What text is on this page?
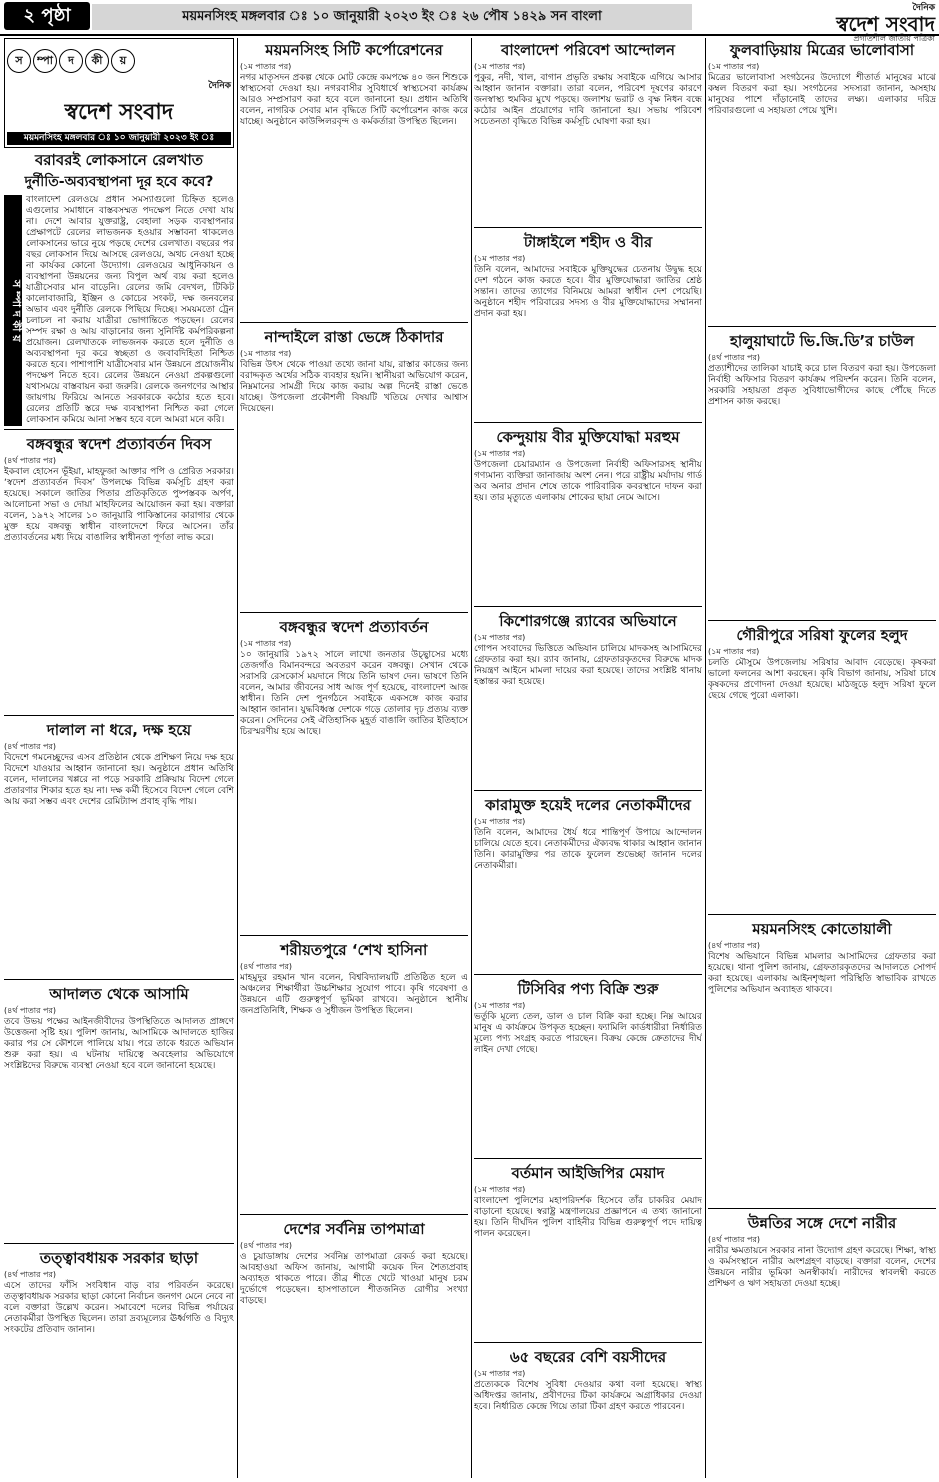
২ পৃষ্ঠা	ময়মনসিংহ মঙ্গলবার ঃ ১০ জানুয়ারী ২০২৩ ইং ঃ ২৬ পৌষ ১৪২৯ সন বাংলা
দৈনিক
স্বদেশ সংবাদ
প্রগতিশীল জাতীয় পত্রিকা
স	ম্পা	দ	কী	য়
দৈনিক
স্বদেশ সংবাদ
ময়মনসিংহ মঙ্গলবার ঃ ১০ জানুয়ারী ২০২৩ ইং ঃ
বরাবরই লোকসানে রেলখাত
দুর্নীতি-অব্যবস্থাপনা দূর হবে কবে?
স ম্পা দ কী য়

বাংলাদেশ রেলওয়ে প্রধান সমস্যাগুলো চিহ্নিত হলেও এগুলোর সমাধানে বাস্তবসম্মত পদক্ষেপ নিতে দেখা যায় না। দেশে আবার যুক্তরাষ্ট্র, বেহালা সড়ক ব্যবস্থাপনার প্রেক্ষাপটে রেলের লাভজনক হওয়ার সম্ভাবনা থাকলেও লোকসানের ভারে নুয়ে পড়ছে দেশের রেলখাত। বছরের পর বছর লোকসান দিয়ে আসছে রেলওয়ে, অথচ নেওয়া হচ্ছে না কার্যকর কোনো উদ্যোগ। রেলওয়ের আধুনিকায়ন ও ব্যবস্থাপনা উন্নয়নের জন্য বিপুল অর্থ ব্যয় করা হলেও যাত্রীসেবার মান বাড়েনি। রেলের জমি বেদখল, টিকিট কালোবাজারি, ইঞ্জিন ও কোচের সংকট, দক্ষ জনবলের অভাব এবং দুর্নীতি রেলকে পিছিয়ে দিচ্ছে। সময়মতো ট্রেন চলাচল না করায় যাত্রীরা ভোগান্তিতে পড়ছেন। রেলের সম্পদ রক্ষা ও আয় বাড়ানোর জন্য সুনির্দিষ্ট কর্মপরিকল্পনা প্রয়োজন। রেলখাতকে লাভজনক করতে হলে দুর্নীতি ও অব্যবস্থাপনা দূর করে স্বচ্ছতা ও জবাবদিহিতা নিশ্চিত করতে হবে। পাশাপাশি যাত্রীসেবার মান উন্নয়নে প্রয়োজনীয় পদক্ষেপ নিতে হবে। রেলের উন্নয়নে নেওয়া প্রকল্পগুলো যথাসময়ে বাস্তবায়ন করা জরুরি। রেলকে জনগণের আস্থার জায়গায় ফিরিয়ে আনতে সরকারকে কঠোর হতে হবে। রেলের প্রতিটি স্তরে দক্ষ ব্যবস্থাপনা নিশ্চিত করা গেলে লোকসান কমিয়ে আনা সম্ভব হবে বলে আমরা মনে করি।

বঙ্গবন্ধুর স্বদেশ প্রত্যাবর্তন দিবস
(৪র্থ পাতার পর)

ইকবাল হোসেন ভূঁইয়া, মাহফুজা আক্তার পপি ও প্রেরিত সরকার। ‘স্বদেশ প্রত্যাবর্তন দিবস’ উপলক্ষে বিভিন্ন কর্মসূচি গ্রহণ করা হয়েছে। সকালে জাতির পিতার প্রতিকৃতিতে পুষ্পস্তবক অর্পণ, আলোচনা সভা ও দোয়া মাহফিলের আয়োজন করা হয়। বক্তারা বলেন, ১৯৭২ সালের ১০ জানুয়ারি পাকিস্তানের কারাগার থেকে মুক্ত হয়ে বঙ্গবন্ধু স্বাধীন বাংলাদেশে ফিরে আসেন। তাঁর প্রত্যাবর্তনের মধ্য দিয়ে বাঙালির স্বাধীনতা পূর্ণতা লাভ করে।

দালাল না ধরে, দক্ষ হয়ে
(৪র্থ পাতার পর)

বিদেশে গমনেচ্ছুদের এসব প্রতিষ্ঠান থেকে প্রশিক্ষণ নিয়ে দক্ষ হয়ে বিদেশে যাওয়ার আহ্বান জানানো হয়। অনুষ্ঠানে প্রধান অতিথি বলেন, দালালের খপ্পরে না পড়ে সরকারি প্রক্রিয়ায় বিদেশ গেলে প্রতারণার শিকার হতে হয় না। দক্ষ কর্মী হিসেবে বিদেশ গেলে বেশি আয় করা সম্ভব এবং দেশের রেমিট্যান্স প্রবাহ বৃদ্ধি পায়।

আদালত থেকে আসামি
(৪র্থ পাতার পর)

তবে উভয় পক্ষের আইনজীবীদের উপস্থিতিতে আদালত প্রাঙ্গণে উত্তেজনা সৃষ্টি হয়। পুলিশ জানায়, আসামিকে আদালতে হাজির করার পর সে কৌশলে পালিয়ে যায়। পরে তাকে ধরতে অভিযান শুরু করা হয়। এ ঘটনায় দায়িত্বে অবহেলার অভিযোগে সংশ্লিষ্টদের বিরুদ্ধে ব্যবস্থা নেওয়া হবে বলে জানানো হয়েছে।

তত্ত্বাবধায়ক সরকার ছাড়া
(৪র্থ পাতার পর)

এসে তাদের ফাঁসি সংবিধান বাড় বার পরিবর্তন করেছে। তত্ত্বাবধায়ক সরকার ছাড়া কোনো নির্বাচন জনগণ মেনে নেবে না বলে বক্তারা উল্লেখ করেন। সমাবেশে দলের বিভিন্ন পর্যায়ের নেতাকর্মীরা উপস্থিত ছিলেন। তারা দ্রব্যমূল্যের ঊর্ধ্বগতি ও বিদ্যুৎ সংকটের প্রতিবাদ জানান।

ময়মনসিংহ সিটি কর্পোরেশনের
(১ম পাতার পর)

নগর মাতৃসদন প্রকল্প থেকে মোট কেন্দ্রে কমপক্ষে ৪০ জন শিশুকে স্বাস্থ্যসেবা দেওয়া হয়। নগরবাসীর সুবিধার্থে স্বাস্থ্যসেবা কার্যক্রম আরও সম্প্রসারণ করা হবে বলে জানানো হয়। প্রধান অতিথি বলেন, নাগরিক সেবার মান বৃদ্ধিতে সিটি কর্পোরেশন কাজ করে যাচ্ছে। অনুষ্ঠানে কাউন্সিলরবৃন্দ ও কর্মকর্তারা উপস্থিত ছিলেন।

নান্দাইলে রাস্তা ভেঙ্গে ঠিকাদার
(১ম পাতার পর)

বিভিন্ন উৎস থেকে পাওয়া তথ্যে জানা যায়, রাস্তার কাজের জন্য বরাদ্দকৃত অর্থের সঠিক ব্যবহার হয়নি। স্থানীয়রা অভিযোগ করেন, নিম্নমানের সামগ্রী দিয়ে কাজ করায় অল্প দিনেই রাস্তা ভেঙে যাচ্ছে। উপজেলা প্রকৌশলী বিষয়টি খতিয়ে দেখার আশ্বাস দিয়েছেন।

বঙ্গবন্ধুর স্বদেশ প্রত্যাবর্তন
(১ম পাতার পর)

১০ জানুয়ারি ১৯৭২ সালে লাখো জনতার উচ্ছ্বাসের মধ্যে তেজগাঁও বিমানবন্দরে অবতরণ করেন বঙ্গবন্ধু। সেখান থেকে সরাসরি রেসকোর্স ময়দানে গিয়ে তিনি ভাষণ দেন। ভাষণে তিনি বলেন, আমার জীবনের সাধ আজ পূর্ণ হয়েছে, বাংলাদেশ আজ স্বাধীন। তিনি দেশ পুনর্গঠনে সবাইকে একসঙ্গে কাজ করার আহ্বান জানান। যুদ্ধবিধ্বস্ত দেশকে গড়ে তোলার দৃঢ় প্রত্যয় ব্যক্ত করেন। সেদিনের সেই ঐতিহাসিক মুহূর্ত বাঙালি জাতির ইতিহাসে চিরস্মরণীয় হয়ে আছে।

শরীয়তপুরে ‘শেখ হাসিনা
(৪র্থ পাতার পর)

মাহমুদুর রহমান খান বলেন, বিশ্ববিদ্যালয়টি প্রতিষ্ঠিত হলে এ অঞ্চলের শিক্ষার্থীরা উচ্চশিক্ষার সুযোগ পাবে। কৃষি গবেষণা ও উন্নয়নে এটি গুরুত্বপূর্ণ ভূমিকা রাখবে। অনুষ্ঠানে স্থানীয় জনপ্রতিনিধি, শিক্ষক ও সুধীজন উপস্থিত ছিলেন।

দেশের সর্বনিম্ন তাপমাত্রা
(৪র্থ পাতার পর)

ও চুয়াডাঙ্গায় দেশের সর্বনিম্ন তাপমাত্রা রেকর্ড করা হয়েছে। আবহাওয়া অফিস জানায়, আগামী কয়েক দিন শৈত্যপ্রবাহ অব্যাহত থাকতে পারে। তীব্র শীতে খেটে খাওয়া মানুষ চরম দুর্ভোগে পড়েছেন। হাসপাতালে শীতজনিত রোগীর সংখ্যা বাড়ছে।

বাংলাদেশ পরিবেশ আন্দোলন
(১ম পাতার পর)

পুকুর, নদী, খাল, বাগান প্রভৃতি রক্ষায় সবাইকে এগিয়ে আসার আহ্বান জানান বক্তারা। তারা বলেন, পরিবেশ দূষণের কারণে জনস্বাস্থ্য হুমকির মুখে পড়ছে। জলাশয় ভরাট ও বৃক্ষ নিধন বন্ধে কঠোর আইন প্রয়োগের দাবি জানানো হয়। সভায় পরিবেশ সচেতনতা বৃদ্ধিতে বিভিন্ন কর্মসূচি ঘোষণা করা হয়।

টাঙ্গাইলে শহীদ ও বীর
(১ম পাতার পর)

তিনি বলেন, আমাদের সবাইকে মুক্তিযুদ্ধের চেতনায় উদ্বুদ্ধ হয়ে দেশ গঠনে কাজ করতে হবে। বীর মুক্তিযোদ্ধারা জাতির শ্রেষ্ঠ সন্তান। তাদের ত্যাগের বিনিময়ে আমরা স্বাধীন দেশ পেয়েছি। অনুষ্ঠানে শহীদ পরিবারের সদস্য ও বীর মুক্তিযোদ্ধাদের সম্মাননা প্রদান করা হয়।

কেন্দুয়ায় বীর মুক্তিযোদ্ধা মরহুম
(১ম পাতার পর)

উপজেলা চেয়ারম্যান ও উপজেলা নির্বাহী অফিসারসহ স্থানীয় গণ্যমান্য ব্যক্তিরা জানাজায় অংশ নেন। পরে রাষ্ট্রীয় মর্যাদায় গার্ড অব অনার প্রদান শেষে তাকে পারিবারিক কবরস্থানে দাফন করা হয়। তার মৃত্যুতে এলাকায় শোকের ছায়া নেমে আসে।

কিশোরগঞ্জে র‌্যাবের অভিযানে
(১ম পাতার পর)

গোপন সংবাদের ভিত্তিতে অভিযান চালিয়ে মাদকসহ আসামিদের গ্রেফতার করা হয়। র‌্যাব জানায়, গ্রেফতারকৃতদের বিরুদ্ধে মাদক নিয়ন্ত্রণ আইনে মামলা দায়ের করা হয়েছে। তাদের সংশ্লিষ্ট থানায় হস্তান্তর করা হয়েছে।

কারামুক্ত হয়েই দলের নেতাকর্মীদের
(১ম পাতার পর)

তিনি বলেন, আমাদের ধৈর্য ধরে শান্তিপূর্ণ উপায়ে আন্দোলন চালিয়ে যেতে হবে। নেতাকর্মীদের ঐক্যবদ্ধ থাকার আহ্বান জানান তিনি। কারামুক্তির পর তাকে ফুলেল শুভেচ্ছা জানান দলের নেতাকর্মীরা।

টিসিবির পণ্য বিক্রি শুরু
(১ম পাতার পর)

ভর্তুকি মূল্যে তেল, ডাল ও চাল বিক্রি করা হচ্ছে। নিম্ন আয়ের মানুষ এ কার্যক্রমে উপকৃত হচ্ছেন। ফ্যামিলি কার্ডধারীরা নির্ধারিত মূল্যে পণ্য সংগ্রহ করতে পারছেন। বিক্রয় কেন্দ্রে ক্রেতাদের দীর্ঘ লাইন দেখা গেছে।

বর্তমান আইজিপির মেয়াদ
(১ম পাতার পর)

বাংলাদেশ পুলিশের মহাপরিদর্শক হিসেবে তাঁর চাকরির মেয়াদ বাড়ানো হয়েছে। স্বরাষ্ট্র মন্ত্রণালয়ের প্রজ্ঞাপনে এ তথ্য জানানো হয়। তিনি দীর্ঘদিন পুলিশ বাহিনীর বিভিন্ন গুরুত্বপূর্ণ পদে দায়িত্ব পালন করেছেন।

৬৫ বছরের বেশি বয়সীদের
(১ম পাতার পর)

প্রত্যেককে বিশেষ সুবিধা দেওয়ার কথা বলা হয়েছে। স্বাস্থ্য অধিদপ্তর জানায়, প্রবীণদের টিকা কার্যক্রমে অগ্রাধিকার দেওয়া হবে। নির্ধারিত কেন্দ্রে গিয়ে তারা টিকা গ্রহণ করতে পারবেন।

ফুলবাড়িয়ায় মিত্রের ভালোবাসা
(১ম পাতার পর)

মিত্রের ভালোবাসা সংগঠনের উদ্যোগে শীতার্ত মানুষের মাঝে কম্বল বিতরণ করা হয়। সংগঠনের সদস্যরা জানান, অসহায় মানুষের পাশে দাঁড়ানোই তাদের লক্ষ্য। এলাকার দরিদ্র পরিবারগুলো এ সহায়তা পেয়ে খুশি।

হালুয়াঘাটে ভি.জি.ডি’র চাউল
(৪র্থ পাতার পর)

প্রত্যাশীদের তালিকা যাচাই করে চাল বিতরণ করা হয়। উপজেলা নির্বাহী অফিসার বিতরণ কার্যক্রম পরিদর্শন করেন। তিনি বলেন, সরকারি সহায়তা প্রকৃত সুবিধাভোগীদের কাছে পৌঁছে দিতে প্রশাসন কাজ করছে।

গৌরীপুরে সরিষা ফুলের হলুদ
(১ম পাতার পর)

চলতি মৌসুমে উপজেলায় সরিষার আবাদ বেড়েছে। কৃষকরা ভালো ফলনের আশা করছেন। কৃষি বিভাগ জানায়, সরিষা চাষে কৃষকদের প্রণোদনা দেওয়া হয়েছে। মাঠজুড়ে হলুদ সরিষা ফুলে ছেয়ে গেছে পুরো এলাকা।

ময়মনসিংহ কোতোয়ালী
(৪র্থ পাতার পর)

বিশেষ অভিযানে বিভিন্ন মামলার আসামিদের গ্রেফতার করা হয়েছে। থানা পুলিশ জানায়, গ্রেফতারকৃতদের আদালতে সোপর্দ করা হয়েছে। এলাকায় আইনশৃঙ্খলা পরিস্থিতি স্বাভাবিক রাখতে পুলিশের অভিযান অব্যাহত থাকবে।

উন্নতির সঙ্গে দেশে নারীর
(৪র্থ পাতার পর)

নারীর ক্ষমতায়নে সরকার নানা উদ্যোগ গ্রহণ করেছে। শিক্ষা, স্বাস্থ্য ও কর্মসংস্থানে নারীর অংশগ্রহণ বাড়ছে। বক্তারা বলেন, দেশের উন্নয়নে নারীর ভূমিকা অনস্বীকার্য। নারীদের স্বাবলম্বী করতে প্রশিক্ষণ ও ঋণ সহায়তা দেওয়া হচ্ছে।
